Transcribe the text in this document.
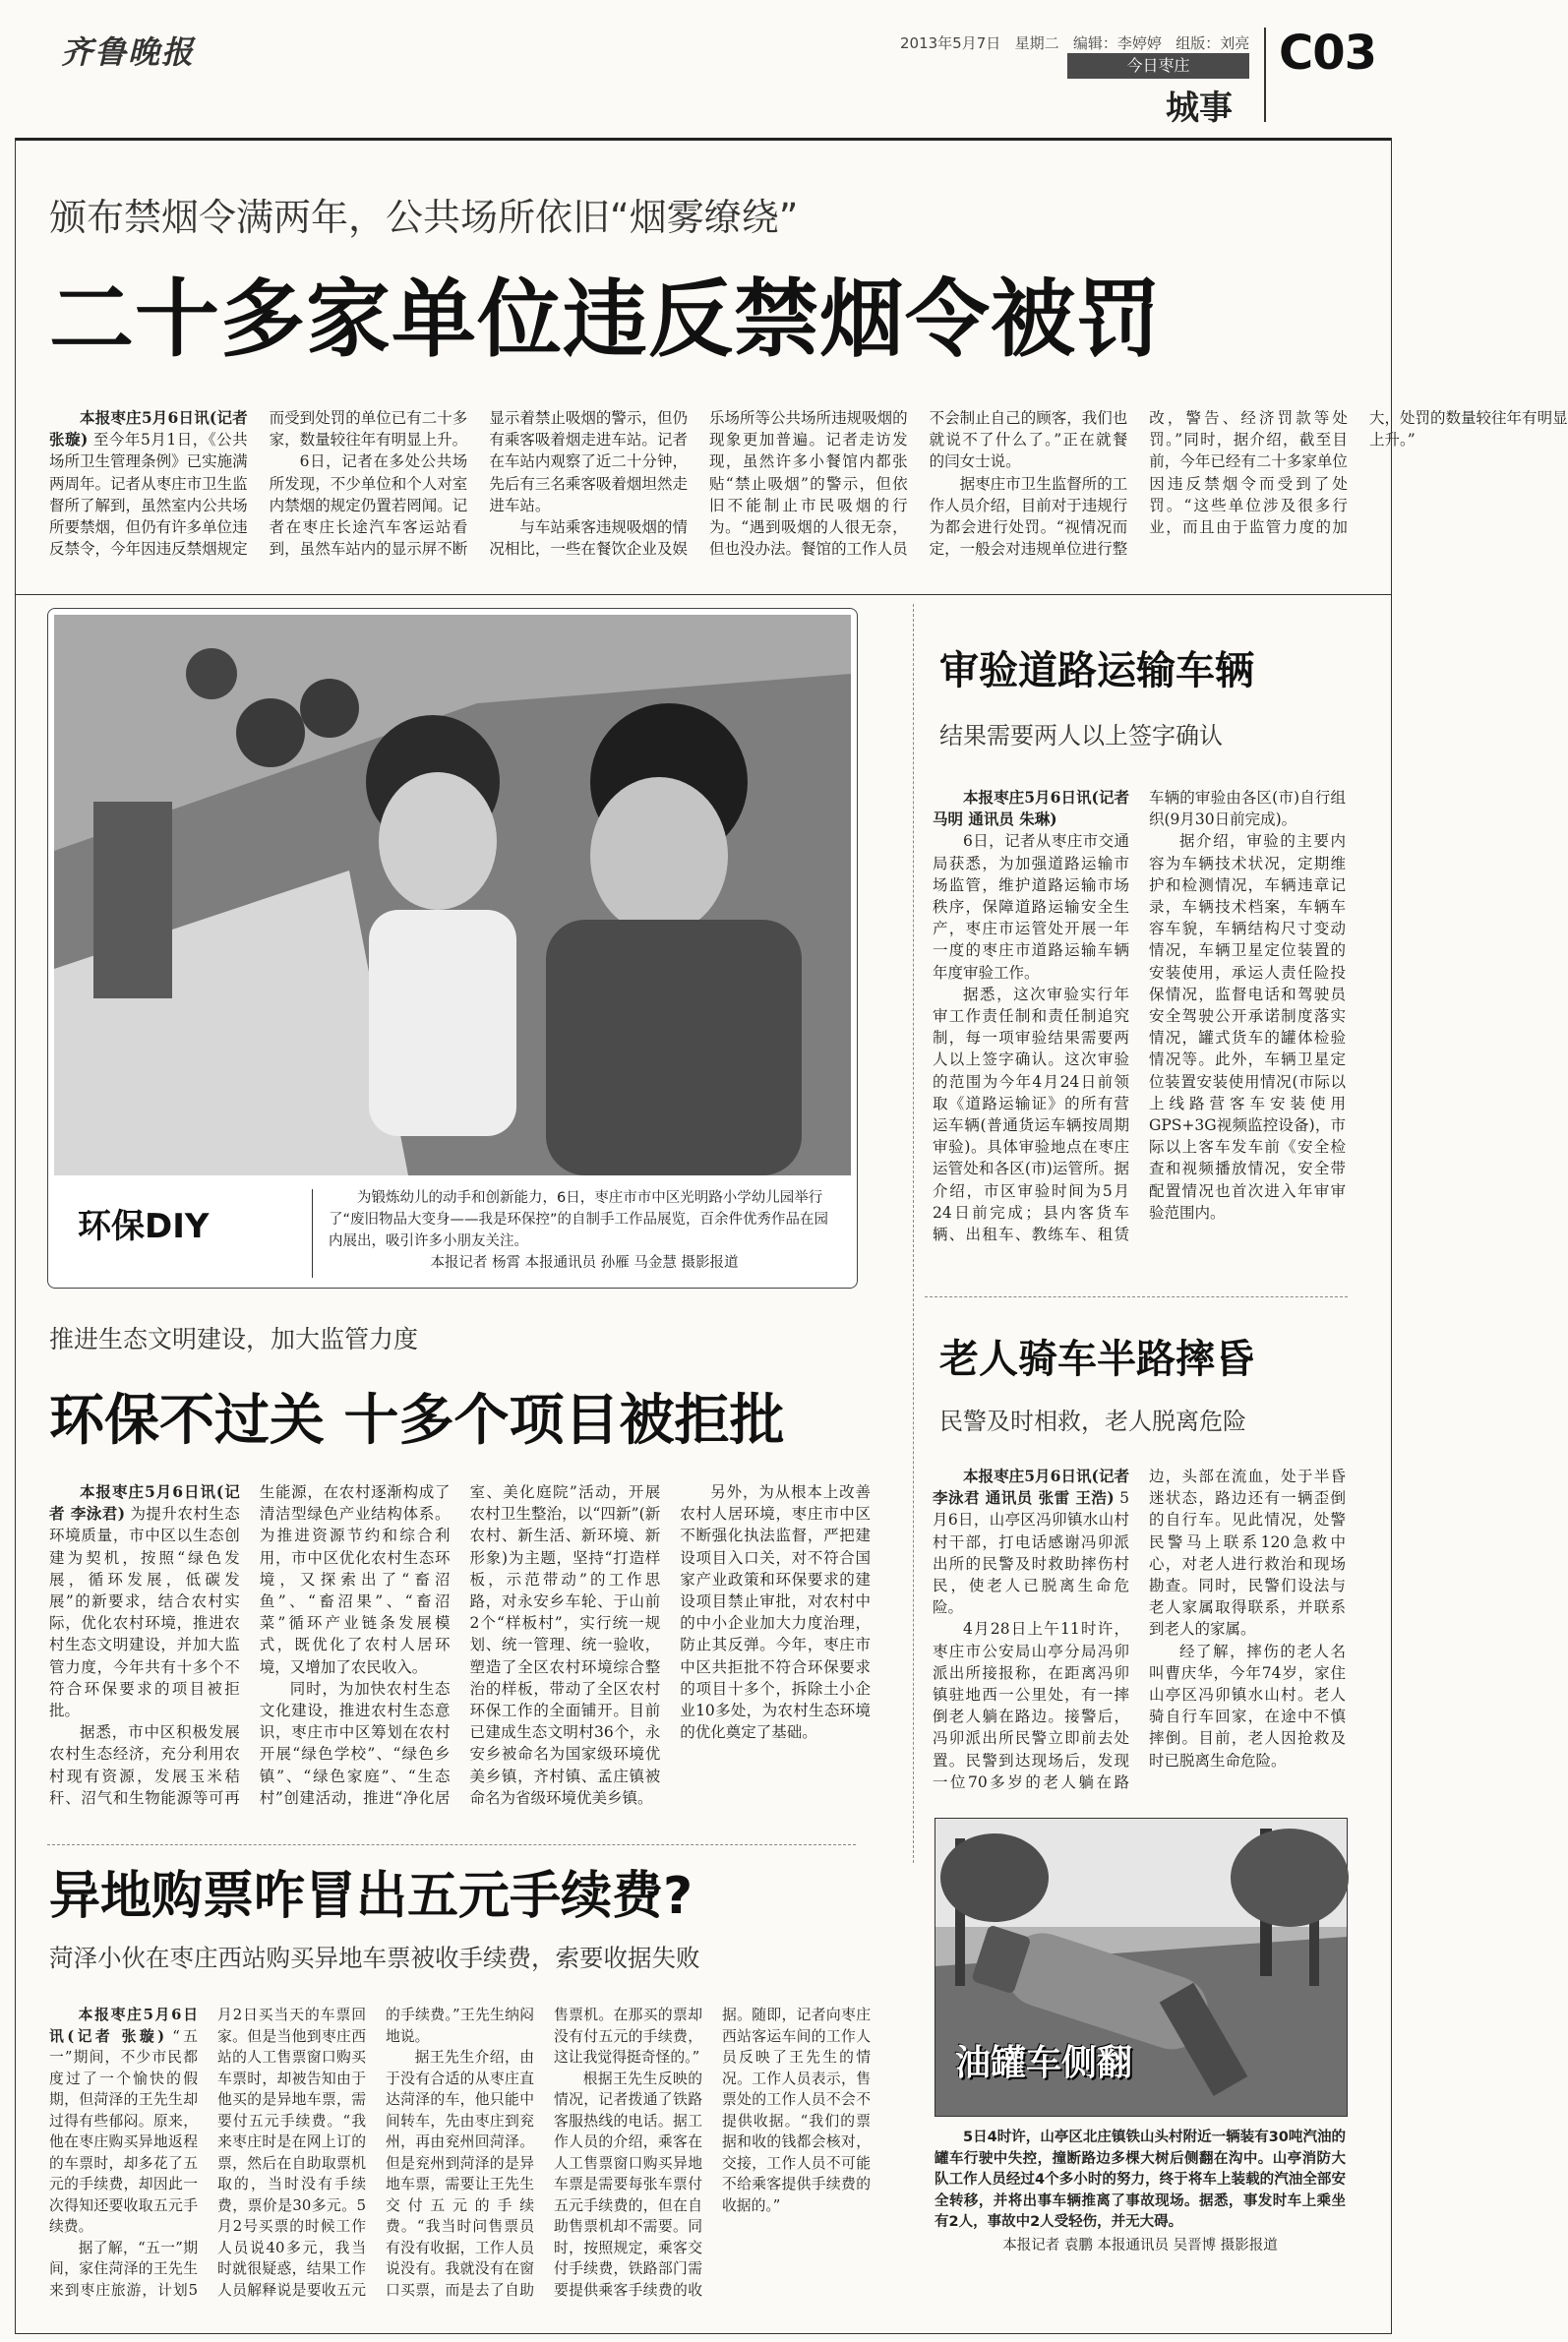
齐鲁晚报	2013年5月7日 星期二 编辑：李婷婷 组版：刘亮
今日枣庄
城事
C03
颁布禁烟令满两年，公共场所依旧“烟雾缭绕”
二十多家单位违反禁烟令被罚

本报枣庄5月6日讯(记者 张璇) 至今年5月1日，《公共场所卫生管理条例》已实施满两周年。记者从枣庄市卫生监督所了解到，虽然室内公共场所要禁烟，但仍有许多单位违反禁令，今年因违反禁烟规定而受到处罚的单位已有二十多家，数量较往年有明显上升。

6日，记者在多处公共场所发现，不少单位和个人对室内禁烟的规定仍置若罔闻。记者在枣庄长途汽车客运站看到，虽然车站内的显示屏不断显示着禁止吸烟的警示，但仍有乘客吸着烟走进车站。记者在车站内观察了近二十分钟，先后有三名乘客吸着烟坦然走进车站。

与车站乘客违规吸烟的情况相比，一些在餐饮企业及娱乐场所等公共场所违规吸烟的现象更加普遍。记者走访发现，虽然许多小餐馆内都张贴“禁止吸烟”的警示，但依旧不能制止市民吸烟的行为。“遇到吸烟的人很无奈，但也没办法。餐馆的工作人员不会制止自己的顾客，我们也就说不了什么了。”正在就餐的闫女士说。

据枣庄市卫生监督所的工作人员介绍，目前对于违规行为都会进行处罚。“视情况而定，一般会对违规单位进行整改，警告、经济罚款等处罚。”同时，据介绍，截至目前，今年已经有二十多家单位因违反禁烟令而受到了处罚。“这些单位涉及很多行业，而且由于监管力度的加大，处罚的数量较往年有明显上升。”

环保DIY
为锻炼幼儿的动手和创新能力，6日，枣庄市市中区光明路小学幼儿园举行了“废旧物品大变身——我是环保控”的自制手工作品展览，百余件优秀作品在园内展出，吸引许多小朋友关注。
本报记者 杨霄 本报通讯员 孙雁 马金慧 摄影报道
审验道路运输车辆
结果需要两人以上签字确认

本报枣庄5月6日讯(记者 马明 通讯员 朱琳)

6日，记者从枣庄市交通局获悉，为加强道路运输市场监管，维护道路运输市场秩序，保障道路运输安全生产，枣庄市运管处开展一年一度的枣庄市道路运输车辆年度审验工作。

据悉，这次审验实行年审工作责任制和责任制追究制，每一项审验结果需要两人以上签字确认。这次审验的范围为今年4月24日前领取《道路运输证》的所有营运车辆(普通货运车辆按周期审验)。具体审验地点在枣庄运管处和各区(市)运管所。据介绍，市区审验时间为5月24日前完成；县内客货车辆、出租车、教练车、租赁车辆的审验由各区(市)自行组织(9月30日前完成)。

据介绍，审验的主要内容为车辆技术状况，定期维护和检测情况，车辆违章记录，车辆技术档案，车辆车容车貌，车辆结构尺寸变动情况，车辆卫星定位装置的安装使用，承运人责任险投保情况，监督电话和驾驶员安全驾驶公开承诺制度落实情况，罐式货车的罐体检验情况等。此外，车辆卫星定位装置安装使用情况(市际以上线路营客车安装使用GPS+3G视频监控设备)，市际以上客车发车前《安全检查和视频播放情况，安全带配置情况也首次进入年审审验范围内。

推进生态文明建设，加大监管力度
环保不过关 十多个项目被拒批

本报枣庄5月6日讯(记者 李泳君) 为提升农村生态环境质量，市中区以生态创建为契机，按照“绿色发展，循环发展，低碳发展”的新要求，结合农村实际，优化农村环境，推进农村生态文明建设，并加大监管力度，今年共有十多个不符合环保要求的项目被拒批。

据悉，市中区积极发展农村生态经济，充分利用农村现有资源，发展玉米秸秆、沼气和生物能源等可再生能源，在农村逐渐构成了清洁型绿色产业结构体系。为推进资源节约和综合利用，市中区优化农村生态环境，又探索出了“畜沼鱼”、“畜沼果”、“畜沼菜”循环产业链条发展模式，既优化了农村人居环境，又增加了农民收入。

同时，为加快农村生态文化建设，推进农村生态意识，枣庄市中区筹划在农村开展“绿色学校”、“绿色乡镇”、“绿色家庭”、“生态村”创建活动，推进“净化居室、美化庭院”活动，开展农村卫生整治，以“四新”(新农村、新生活、新环境、新形象)为主题，坚持“打造样板，示范带动”的工作思路，对永安乡车轮、于山前2个“样板村”，实行统一规划、统一管理、统一验收，塑造了全区农村环境综合整治的样板，带动了全区农村环保工作的全面铺开。目前已建成生态文明村36个，永安乡被命名为国家级环境优美乡镇，齐村镇、孟庄镇被命名为省级环境优美乡镇。

另外，为从根本上改善农村人居环境，枣庄市中区不断强化执法监督，严把建设项目入口关，对不符合国家产业政策和环保要求的建设项目禁止审批，对农村中的中小企业加大力度治理，防止其反弹。今年，枣庄市中区共拒批不符合环保要求的项目十多个，拆除土小企业10多处，为农村生态环境的优化奠定了基础。

老人骑车半路摔昏
民警及时相救，老人脱离危险

本报枣庄5月6日讯(记者 李泳君 通讯员 张雷 王浩) 5月6日，山亭区冯卯镇水山村村干部，打电话感谢冯卯派出所的民警及时救助摔伤村民，使老人已脱离生命危险。

4月28日上午11时许，枣庄市公安局山亭分局冯卯派出所接报称，在距离冯卯镇驻地西一公里处，有一摔倒老人躺在路边。接警后，冯卯派出所民警立即前去处置。民警到达现场后，发现一位70多岁的老人躺在路边，头部在流血，处于半昏迷状态，路边还有一辆歪倒的自行车。见此情况，处警民警马上联系120急救中心，对老人进行救治和现场勘查。同时，民警们设法与老人家属取得联系，并联系到老人的家属。

经了解，摔伤的老人名叫曹庆华，今年74岁，家住山亭区冯卯镇水山村。老人骑自行车回家，在途中不慎摔倒。目前，老人因抢救及时已脱离生命危险。

异地购票咋冒出五元手续费?
菏泽小伙在枣庄西站购买异地车票被收手续费，索要收据失败

本报枣庄5月6日讯(记者 张璇) “五一”期间，不少市民都度过了一个愉快的假期，但菏泽的王先生却过得有些郁闷。原来，他在枣庄购买异地返程的车票时，却多花了五元的手续费，却因此一次得知还要收取五元手续费。

据了解，“五一”期间，家住菏泽的王先生来到枣庄旅游，计划5月2日买当天的车票回家。但是当他到枣庄西站的人工售票窗口购买车票时，却被告知由于他买的是异地车票，需要付五元手续费。“我来枣庄时是在网上订的票，然后在自助取票机取的，当时没有手续费，票价是30多元。5月2号买票的时候工作人员说40多元，我当时就很疑惑，结果工作人员解释说是要收五元的手续费。”王先生纳闷地说。

据王先生介绍，由于没有合适的从枣庄直达菏泽的车，他只能中间转车，先由枣庄到兖州，再由兖州回菏泽。但是兖州到菏泽的是异地车票，需要让王先生交付五元的手续费。“我当时问售票员有没有收据，工作人员说没有。我就没有在窗口买票，而是去了自助售票机。在那买的票却没有付五元的手续费，这让我觉得挺奇怪的。”

根据王先生反映的情况，记者拨通了铁路客服热线的电话。据工作人员的介绍，乘客在人工售票窗口购买异地车票是需要每张车票付五元手续费的，但在自助售票机却不需要。同时，按照规定，乘客交付手续费，铁路部门需要提供乘客手续费的收据。随即，记者向枣庄西站客运车间的工作人员反映了王先生的情况。工作人员表示，售票处的工作人员不会不提供收据。“我们的票据和收的钱都会核对，交接，工作人员不可能不给乘客提供手续费的收据的。”

油罐车侧翻

5日4时许，山亭区北庄镇铁山头村附近一辆装有30吨汽油的罐车行驶中失控，撞断路边多棵大树后侧翻在沟中。山亭消防大队工作人员经过4个多小时的努力，终于将车上装载的汽油全部安全转移，并将出事车辆推离了事故现场。据悉，事发时车上乘坐有2人，事故中2人受轻伤，并无大碍。

本报记者 袁鹏 本报通讯员 吴晋博 摄影报道
